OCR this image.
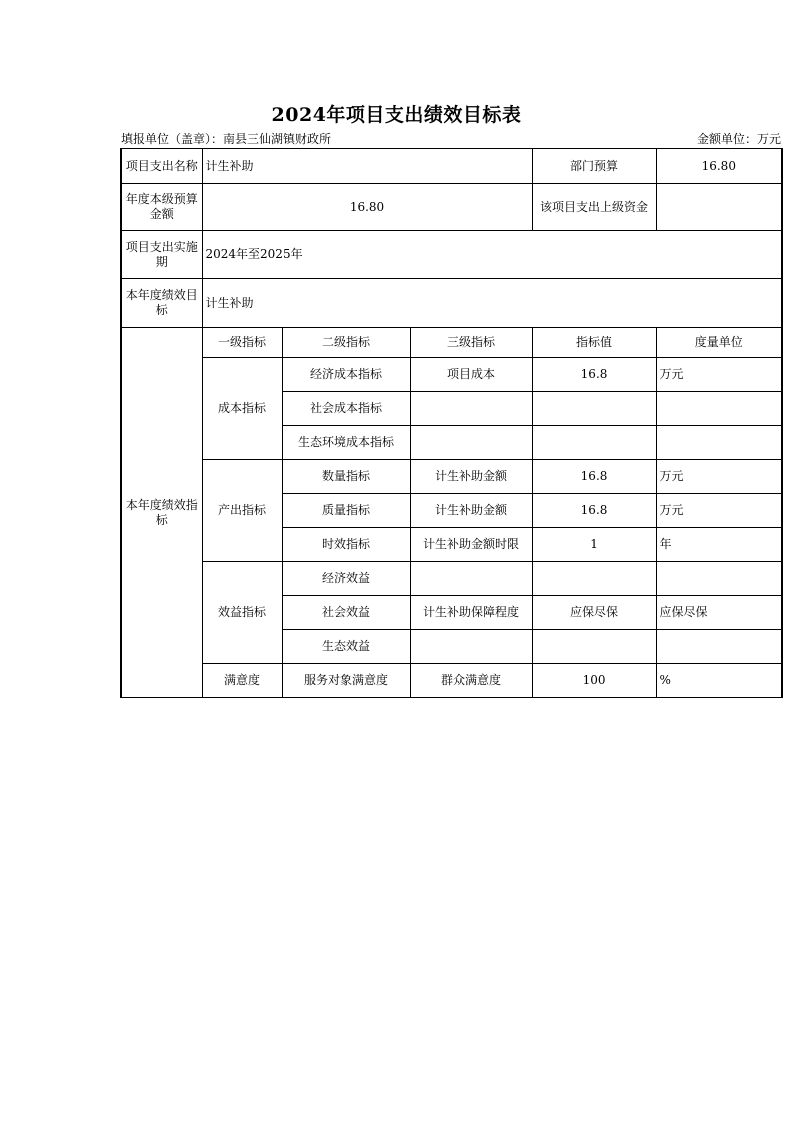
2024年项目支出绩效目标表
填报单位（盖章）：南县三仙湖镇财政所	金额单位：万元
项目支出名称	计生补助			部门预算	16.80
年度本级预算金额	16.80			该项目支出上级资金	
项目支出实施期	2024年至2025年				
本年度绩效目标	计生补助				
本年度绩效指标	一级指标	二级指标	三级指标	指标值	度量单位
	成本指标	经济成本指标	项目成本	16.8	万元
		社会成本指标			
		生态环境成本指标			
	产出指标	数量指标	计生补助金额	16.8	万元
		质量指标	计生补助金额	16.8	万元
		时效指标	计生补助金额时限	1	年
	效益指标	经济效益			
		社会效益	计生补助保障程度	应保尽保	应保尽保
		生态效益			
	满意度	服务对象满意度	群众满意度	100	%
